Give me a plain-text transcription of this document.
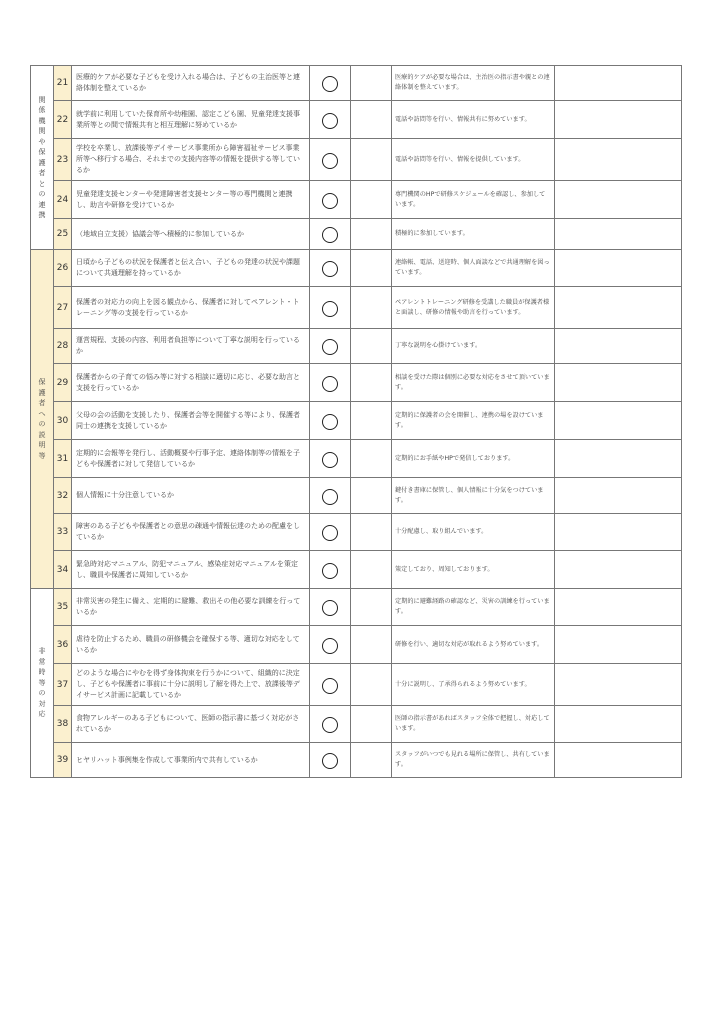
関係機関や保護者との連携	21	医療的ケアが必要な子どもを受け入れる場合は、子どもの主治医等と連絡体制を整えているか			医療的ケアが必要な場合は、主治医の指示書や親との連絡体制を整えています。	
	22	就学前に利用していた保育所や幼稚園、認定こども園、児童発達支援事業所等との間で情報共有と相互理解に努めているか			電話や訪問等を行い、情報共有に努めています。	
	23	学校を卒業し、放課後等デイサービス事業所から障害福祉サービス事業所等へ移行する場合、それまでの支援内容等の情報を提供する等しているか			電話や訪問等を行い、情報を提供しています。	
	24	児童発達支援センターや発達障害者支援センター等の専門機関と連携し、助言や研修を受けているか			専門機関のHPで研修スケジュールを確認し、参加しています。	
	25	（地域自立支援）協議会等へ積極的に参加しているか			積極的に参加しています。	
保護者への説明等	26	日頃から子どもの状況を保護者と伝え合い、子どもの発達の状況や課題について共通理解を持っているか			連絡帳、電話、送迎時、個人面談などで共通理解を図っています。	
	27	保護者の対応力の向上を図る観点から、保護者に対してペアレント・トレーニング等の支援を行っているか			ペアレントトレーニング研修を受講した職員が保護者様と面談し、研修の情報や助言を行っています。	
	28	運営規程、支援の内容、利用者負担等について丁寧な説明を行っているか			丁寧な説明を心掛けています。	
	29	保護者からの子育ての悩み等に対する相談に適切に応じ、必要な助言と支援を行っているか			相談を受けた際は個別に必要な対応をさせて頂いています。	
	30	父母の会の活動を支援したり、保護者会等を開催する等により、保護者同士の連携を支援しているか			定期的に保護者の会を開催し、連携の場を設けています。	
	31	定期的に会報等を発行し、活動概要や行事予定、連絡体制等の情報を子どもや保護者に対して発信しているか			定期的にお手紙やHPで発信しております。	
	32	個人情報に十分注意しているか			鍵付き書庫に保管し、個人情報に十分気をつけています。	
	33	障害のある子どもや保護者との意思の疎通や情報伝達のための配慮をしているか			十分配慮し、取り組んでいます。	
	34	緊急時対応マニュアル、防犯マニュアル、感染症対応マニュアルを策定し、職員や保護者に周知しているか			策定しており、周知しております。	
非常時等の対応	35	非常災害の発生に備え、定期的に避難、救出その他必要な訓練を行っているか			定期的に避難経路の確認など、災害の訓練を行っています。	
	36	虐待を防止するため、職員の研修機会を確保する等、適切な対応をしているか			研修を行い、適切な対応が取れるよう努めています。	
	37	どのような場合にやむを得ず身体拘束を行うかについて、組織的に決定し、子どもや保護者に事前に十分に説明し了解を得た上で、放課後等デイサービス計画に記載しているか			十分に説明し、了承得られるよう努めています。	
	38	食物アレルギーのある子どもについて、医師の指示書に基づく対応がされているか			医師の指示書があればスタッフ全体で把握し、対応しています。	
	39	ヒヤリハット事例集を作成して事業所内で共有しているか			スタッフがいつでも見れる場所に保管し、共有しています。	
